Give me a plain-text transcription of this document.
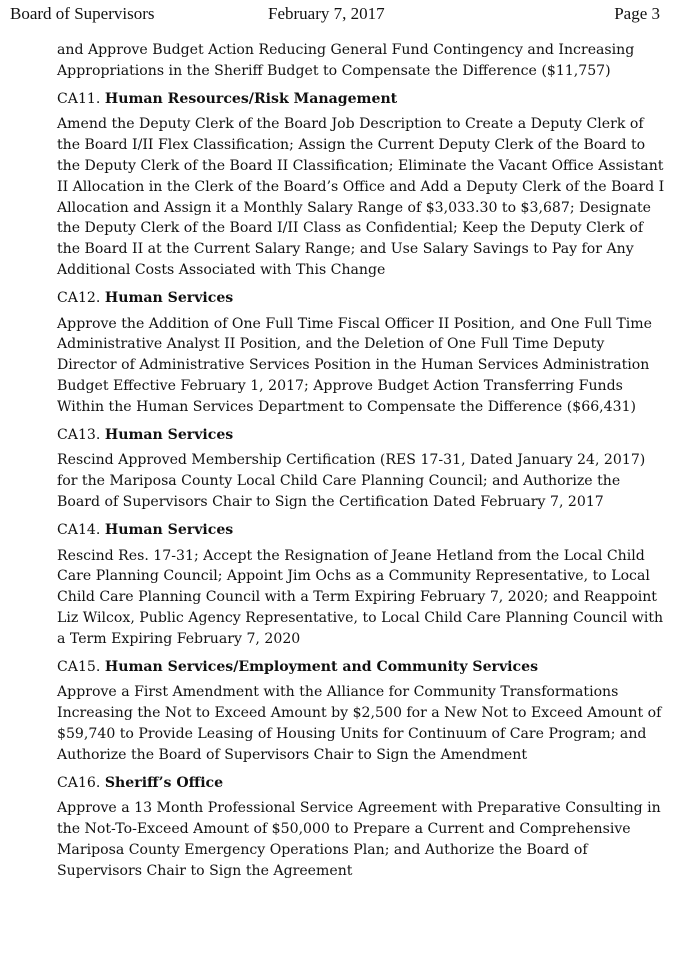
Board of Supervisors	February 7, 2017	Page 3

and Approve Budget Action Reducing General Fund Contingency and Increasing Appropriations in the Sheriff Budget to Compensate the Difference ($11,757)

CA11. Human Resources/Risk Management

Amend the Deputy Clerk of the Board Job Description to Create a Deputy Clerk of the Board I/II Flex Classification; Assign the Current Deputy Clerk of the Board to the Deputy Clerk of the Board II Classification; Eliminate the Vacant Office Assistant II Allocation in the Clerk of the Board’s Office and Add a Deputy Clerk of the Board I Allocation and Assign it a Monthly Salary Range of $3,033.30 to $3,687; Designate the Deputy Clerk of the Board I/II Class as Confidential; Keep the Deputy Clerk of the Board II at the Current Salary Range; and Use Salary Savings to Pay for Any Additional Costs Associated with This Change

CA12. Human Services

Approve the Addition of One Full Time Fiscal Officer II Position, and One Full Time Administrative Analyst II Position, and the Deletion of One Full Time Deputy Director of Administrative Services Position in the Human Services Administration Budget Effective February 1, 2017; Approve Budget Action Transferring Funds Within the Human Services Department to Compensate the Difference ($66,431)

CA13. Human Services

Rescind Approved Membership Certification (RES 17-31, Dated January 24, 2017) for the Mariposa County Local Child Care Planning Council; and Authorize the Board of Supervisors Chair to Sign the Certification Dated February 7, 2017

CA14. Human Services

Rescind Res. 17-31; Accept the Resignation of Jeane Hetland from the Local Child Care Planning Council; Appoint Jim Ochs as a Community Representative, to Local Child Care Planning Council with a Term Expiring February 7, 2020; and Reappoint Liz Wilcox, Public Agency Representative, to Local Child Care Planning Council with a Term Expiring February 7, 2020

CA15. Human Services/Employment and Community Services

Approve a First Amendment with the Alliance for Community Transformations Increasing the Not to Exceed Amount by $2,500 for a New Not to Exceed Amount of $59,740 to Provide Leasing of Housing Units for Continuum of Care Program; and Authorize the Board of Supervisors Chair to Sign the Amendment

CA16. Sheriff’s Office

Approve a 13 Month Professional Service Agreement with Preparative Consulting in the Not-To-Exceed Amount of $50,000 to Prepare a Current and Comprehensive Mariposa County Emergency Operations Plan; and Authorize the Board of Supervisors Chair to Sign the Agreement
